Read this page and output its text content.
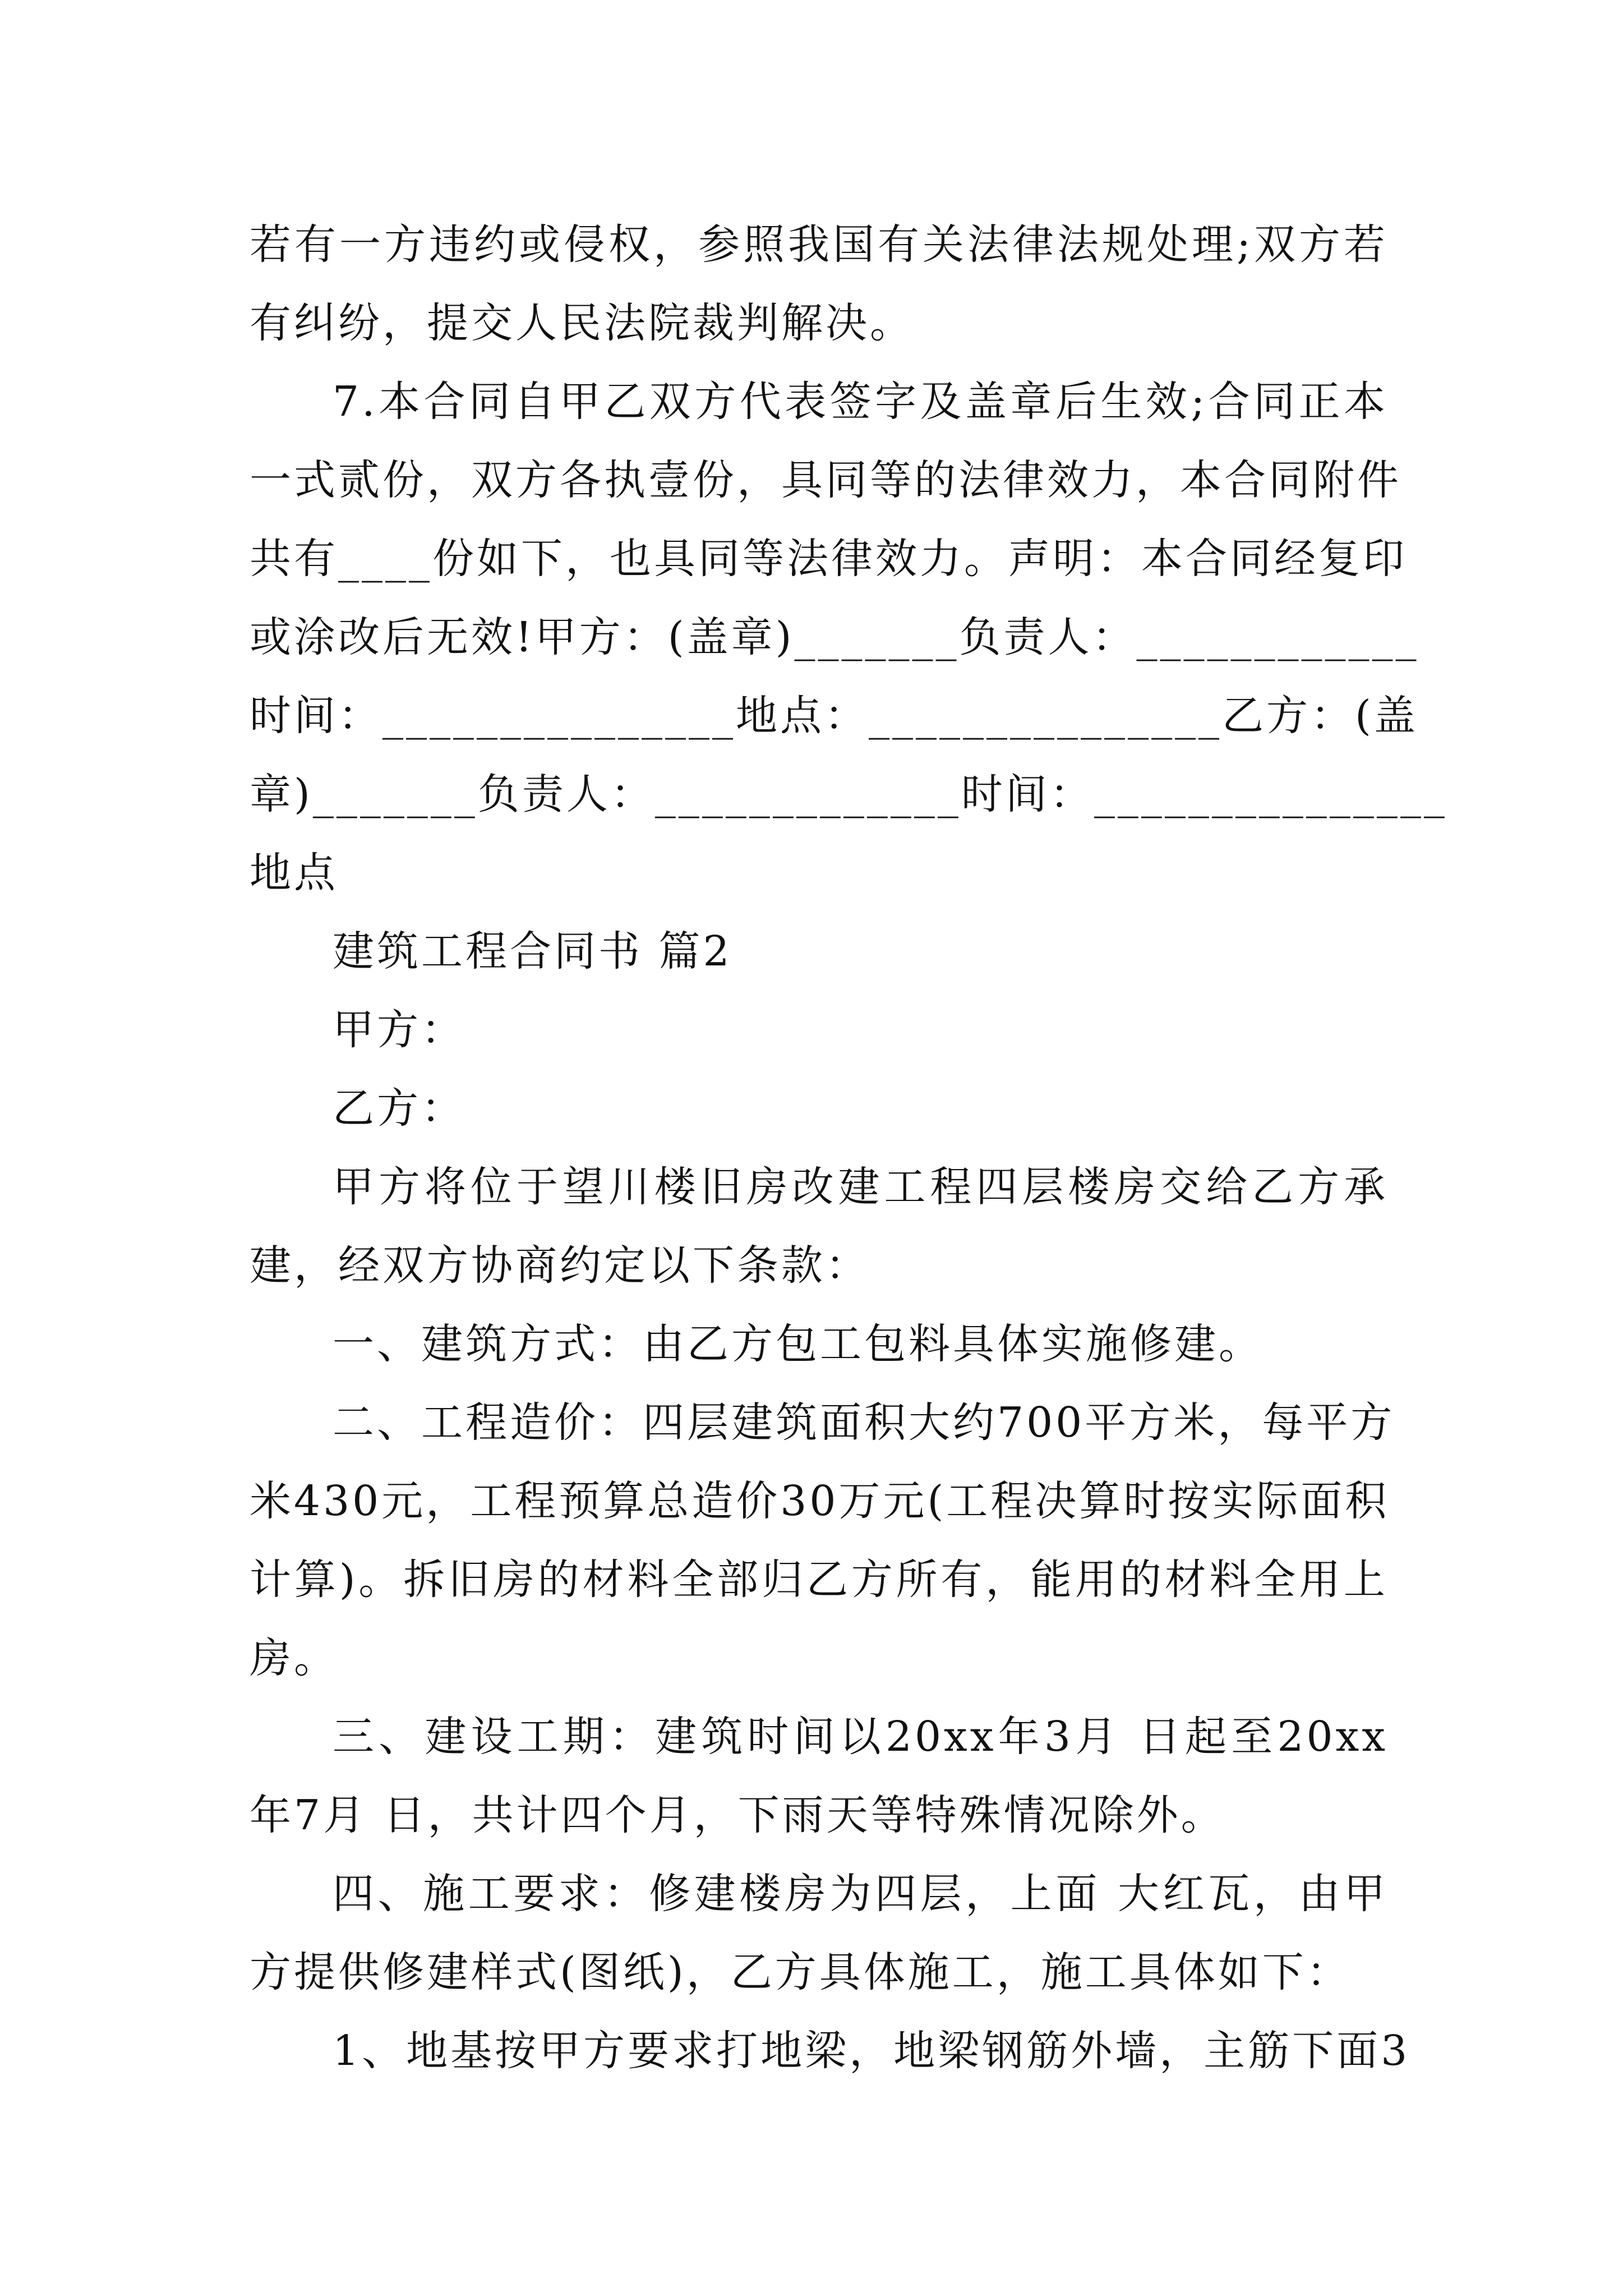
若有一方违约或侵权，参照我国有关法律法规处理;双方若
有纠纷，提交人民法院裁判解决。
7.本合同自甲乙双方代表签字及盖章后生效;合同正本
一式贰份，双方各执壹份，具同等的法律效力，本合同附件
共有____份如下，也具同等法律效力。声明：本合同经复印
或涂改后无效!甲方：(盖章)_______负责人：____________
时间：_______________地点：_______________乙方：(盖
章)_______负责人：_____________时间：_______________
地点
建筑工程合同书 篇2
甲方：
乙方：
甲方将位于望川楼旧房改建工程四层楼房交给乙方承
建，经双方协商约定以下条款：
一、建筑方式：由乙方包工包料具体实施修建。
二、工程造价：四层建筑面积大约700平方米，每平方
米430元，工程预算总造价30万元(工程决算时按实际面积
计算)。拆旧房的材料全部归乙方所有，能用的材料全用上
房。
三、建设工期：建筑时间以20xx年3月 日起至20xx
年7月 日，共计四个月，下雨天等特殊情况除外。
四、施工要求：修建楼房为四层，上面 大红瓦，由甲
方提供修建样式(图纸)，乙方具体施工，施工具体如下：
1、地基按甲方要求打地梁，地梁钢筋外墙，主筋下面3
